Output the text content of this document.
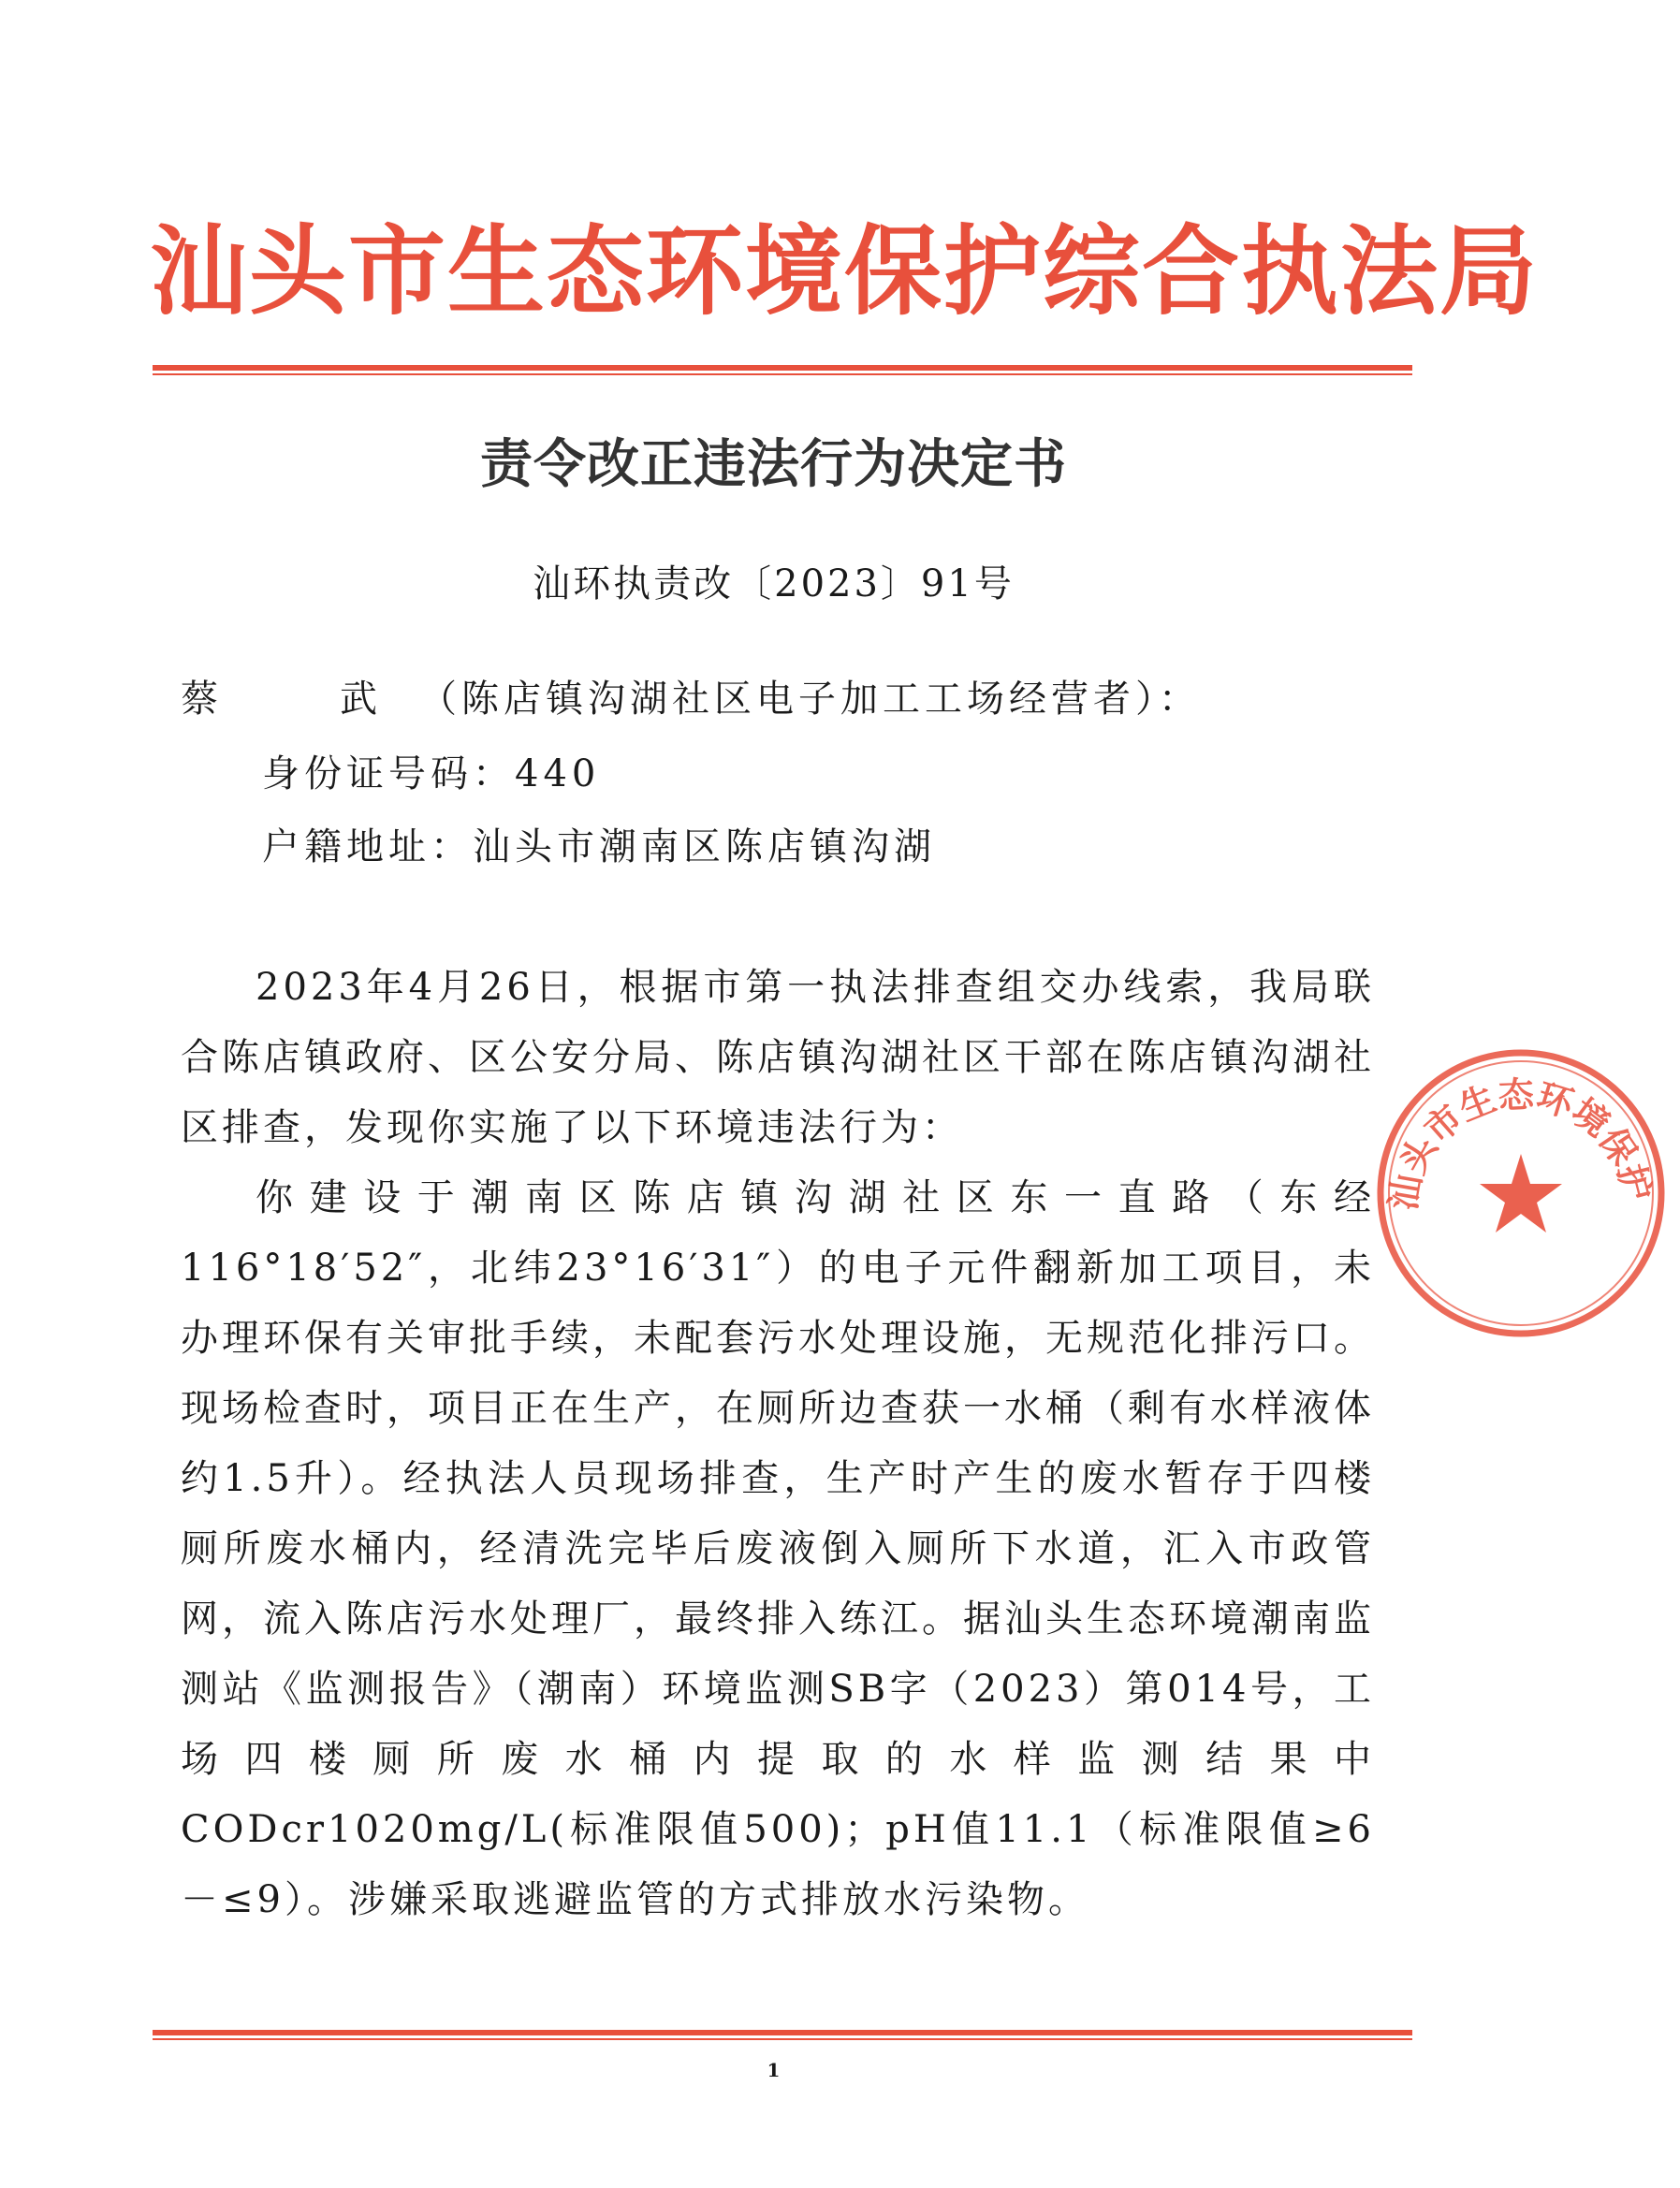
汕头市生态环境保护综合执法局
责令改正违法行为决定书
汕环执责改〔2023〕91号
蔡　武（陈店镇沟湖社区电子加工工场经营者）：
身份证号码：440
户籍地址：汕头市潮南区陈店镇沟湖

2023年4月26日，根据市第一执法排查组交办线索，我局联合陈店镇政府、区公安分局、陈店镇沟湖社区干部在陈店镇沟湖社区排查，发现你实施了以下环境违法行为：

你建设于潮南区陈店镇沟湖社区东一直路（东经116°18′52″，北纬23°16′31″）的电子元件翻新加工项目，未办理环保有关审批手续，未配套污水处理设施，无规范化排污口。现场检查时，项目正在生产，在厕所边查获一水桶（剩有水样液体约1.5升）。经执法人员现场排查，生产时产生的废水暂存于四楼厕所废水桶内，经清洗完毕后废液倒入厕所下水道，汇入市政管网，流入陈店污水处理厂，最终排入练江。据汕头生态环境潮南监测站《监测报告》（潮南）环境监测SB字（2023）第014号，工场四楼厕所废水桶内提取的水样监测结果中CODcr1020mg/L(标准限值500)；pH值11.1（标准限值≥6－≤9）。涉嫌采取逃避监管的方式排放水污染物。

汕头市生态环境保护
1
